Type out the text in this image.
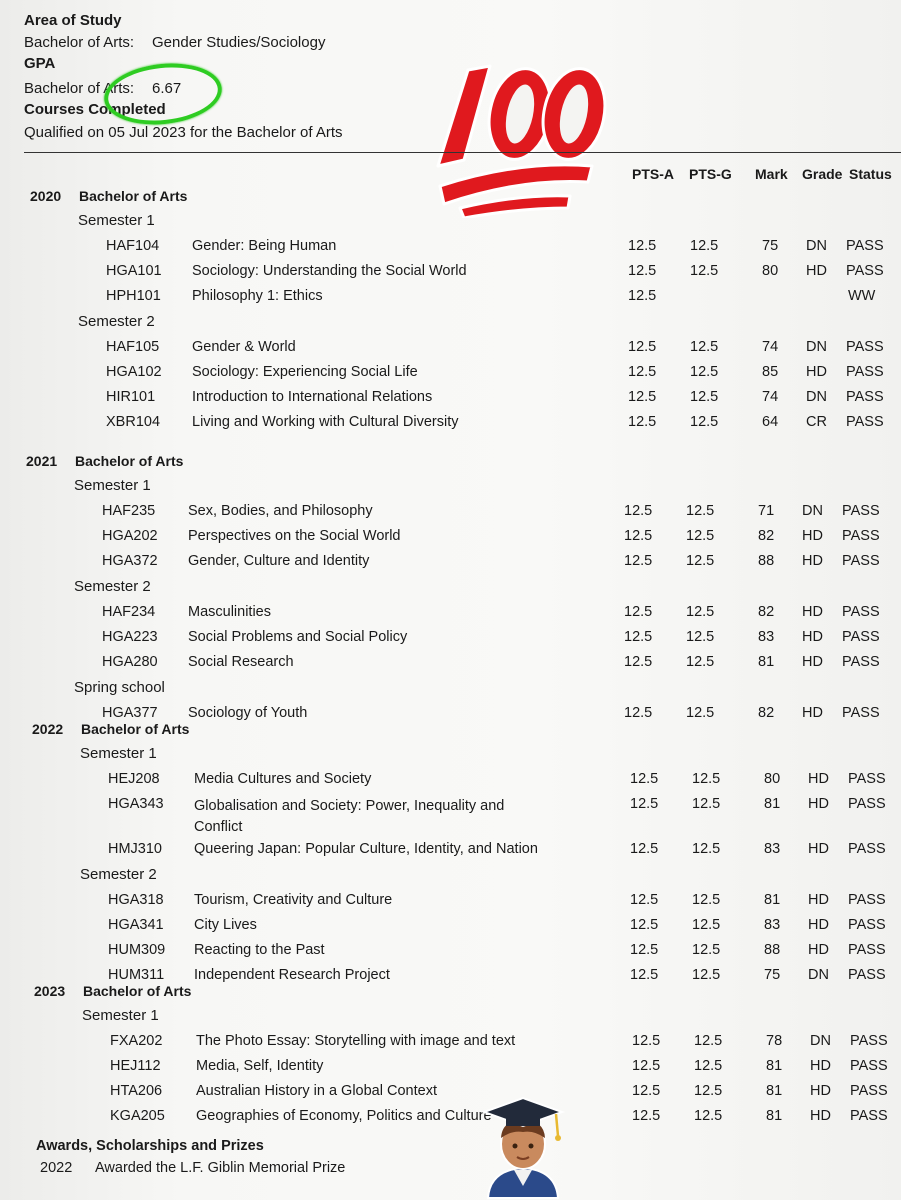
Area of Study
Bachelor of Arts: Gender Studies/Sociology
GPA
Bachelor of Arts: 6.67
Courses Completed
Qualified on 05 Jul 2023 for the Bachelor of Arts
PTS-A PTS-G Mark Grade Status
2020 Bachelor of Arts
Semester 1
HAF104 Gender: Being Human	12.5 12.5	75 DN PASS
HGA101 Sociology: Understanding the Social World	12.5 12.5	80 HD PASS
HPH101 Philosophy 1: Ethics	12.5	WW
Semester 2
HAF105 Gender & World	12.5 12.5	74 DN PASS
HGA102 Sociology: Experiencing Social Life	12.5 12.5	85 HD PASS
HIR101	Introduction to International Relations	12.5 12.5	74 DN PASS
XBR104 Living and Working with Cultural Diversity	12.5 12.5	64 CR PASS
2021 Bachelor of Arts
Semester 1
HAF235 Sex, Bodies, and Philosophy	12.5 12.5	71 DN PASS
HGA202 Perspectives on the Social World	12.5 12.5	82 HD PASS
HGA372 Gender, Culture and Identity	12.5 12.5	88 HD PASS
Semester 2
HAF234 Masculinities	12.5 12.5	82 HD PASS
HGA223 Social Problems and Social Policy	12.5 12.5	83 HD PASS
HGA280 Social Research	12.5 12.5	81 HD PASS
Spring school
HGA377 Sociology of Youth	12.5 12.5	82 HD PASS
2022 Bachelor of Arts
Semester 1
HEJ208 Media Cultures and Society	12.5 12.5	80 HD PASS
HGA343 Globalisation and Society: Power, Inequality and Conflict
12.5 12.5	81 HD PASS
HMJ310 Queering Japan: Popular Culture, Identity, and Nation	12.5 12.5	83 HD PASS
Semester 2
HGA318 Tourism, Creativity and Culture	12.5 12.5	81 HD PASS
HGA341 City Lives	12.5 12.5	83 HD PASS
HUM309 Reacting to the Past	12.5 12.5	88 HD PASS
HUM311 Independent Research Project	12.5 12.5	75 DN PASS
2023 Bachelor of Arts
Semester 1
FXA202 The Photo Essay: Storytelling with image and text	12.5 12.5	78 DN PASS
HEJ112 Media, Self, Identity	12.5 12.5	81 HD PASS
HTA206 Australian History in a Global Context	12.5 12.5	81 HD PASS
KGA205 Geographies of Economy, Politics and Culture	12.5 12.5	81 HD PASS
Awards, Scholarships and Prizes
2022 Awarded the L.F. Giblin Memorial Prize
